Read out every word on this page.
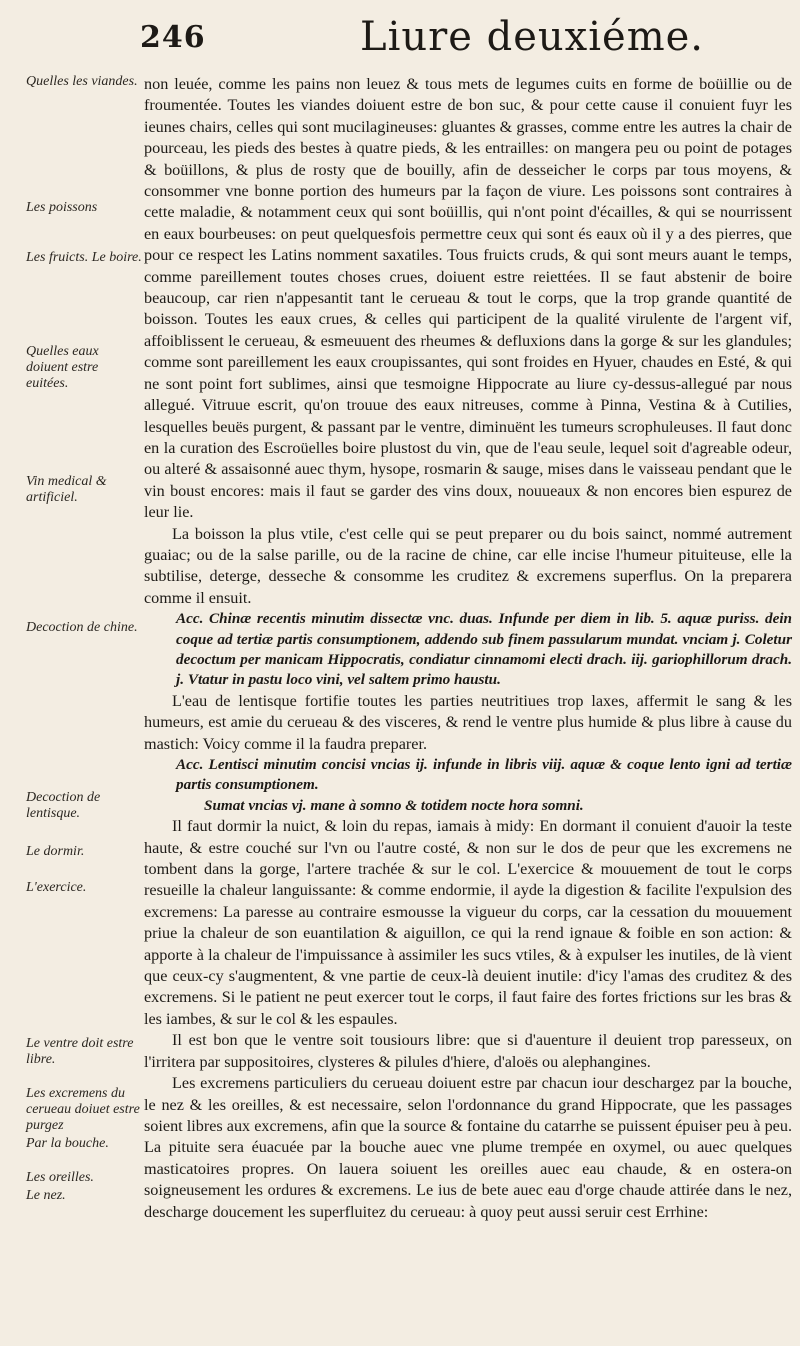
246	Liure deuxiéme.
Quelles les viandes.
Les poissons
Les fruicts. Le boire.
Quelles eaux doiuent estre euitées.
Vin medical & artificiel.
Decoction de chine.
Decoction de lentisque.
Le dormir.
L'exercice.
Le ventre doit estre libre.
Les excremens du cerueau doiuet estre purgez
Par la bouche.
Les oreilles.
Le nez.

non leuée, comme les pains non leuez & tous mets de legumes cuits en forme de boüillie ou de froumentée. Toutes les viandes doiuent estre de bon suc, & pour cette cause il conuient fuyr les ieunes chairs, celles qui sont mucilagineuses: gluantes & grasses, comme entre les autres la chair de pourceau, les pieds des bestes à quatre pieds, & les entrailles: on mangera peu ou point de potages & boüillons, & plus de rosty que de bouilly, afin de desseicher le corps par tous moyens, & consommer vne bonne portion des humeurs par la façon de viure. Les poissons sont contraires à cette maladie, & notamment ceux qui sont boüillis, qui n'ont point d'écailles, & qui se nourrissent en eaux bourbeuses: on peut quelquesfois permettre ceux qui sont és eaux où il y a des pierres, que pour ce respect les Latins nomment saxatiles. Tous fruicts cruds, & qui sont meurs auant le temps, comme pareillement toutes choses crues, doiuent estre reiettées. Il se faut abstenir de boire beaucoup, car rien n'appesantit tant le cerueau & tout le corps, que la trop grande quantité de boisson. Toutes les eaux crues, & celles qui participent de la qualité virulente de l'argent vif, affoiblissent le cerueau, & esmeuuent des rheumes & defluxions dans la gorge & sur les glandules; comme sont pareillement les eaux croupissantes, qui sont froides en Hyuer, chaudes en Esté, & qui ne sont point fort sublimes, ainsi que tesmoigne Hippocrate au liure cy-dessus-allegué par nous allegué. Vitruue escrit, qu'on trouue des eaux nitreuses, comme à Pinna, Vestina & à Cutilies, lesquelles beuës purgent, & passant par le ventre, diminuënt les tumeurs scrophuleuses. Il faut donc en la curation des Escroüelles boire plustost du vin, que de l'eau seule, lequel soit d'agreable odeur, ou alteré & assaisonné auec thym, hysope, rosmarin & sauge, mises dans le vaisseau pendant que le vin boust encores: mais il faut se garder des vins doux, nouueaux & non encores bien espurez de leur lie.

La boisson la plus vtile, c'est celle qui se peut preparer ou du bois sainct, nommé autrement guaiac; ou de la salse parille, ou de la racine de chine, car elle incise l'humeur pituiteuse, elle la subtilise, deterge, desseche & consomme les cruditez & excremens superflus. On la preparera comme il ensuit.

Acc. Chinæ recentis minutim dissectæ vnc. duas. Infunde per diem in lib. 5. aquæ puriss. dein coque ad tertiæ partis consumptionem, addendo sub finem passularum mundat. vnciam j. Coletur decoctum per manicam Hippocratis, condiatur cinnamomi electi drach. iij. gariophillorum drach. j. Vtatur in pastu loco vini, vel saltem primo haustu.

L'eau de lentisque fortifie toutes les parties neutritiues trop laxes, affermit le sang & les humeurs, est amie du cerueau & des visceres, & rend le ventre plus humide & plus libre à cause du mastich: Voicy comme il la faudra preparer.

Acc. Lentisci minutim concisi vncias ij. infunde in libris viij. aquæ & coque lento igni ad tertiæ partis consumptionem.

Sumat vncias vj. mane à somno & totidem nocte hora somni.

Il faut dormir la nuict, & loin du repas, iamais à midy: En dormant il conuient d'auoir la teste haute, & estre couché sur l'vn ou l'autre costé, & non sur le dos de peur que les excremens ne tombent dans la gorge, l'artere trachée & sur le col. L'exercice & mouuement de tout le corps resueille la chaleur languissante: & comme endormie, il ayde la digestion & facilite l'expulsion des excremens: La paresse au contraire esmousse la vigueur du corps, car la cessation du mouuement priue la chaleur de son euantilation & aiguillon, ce qui la rend ignaue & foible en son action: & apporte à la chaleur de l'impuissance à assimiler les sucs vtiles, & à expulser les inutiles, de là vient que ceux-cy s'augmentent, & vne partie de ceux-là deuient inutile: d'icy l'amas des cruditez & des excremens. Si le patient ne peut exercer tout le corps, il faut faire des fortes frictions sur les bras & les iambes, & sur le col & les espaules.

Il est bon que le ventre soit tousiours libre: que si d'auenture il deuient trop paresseux, on l'irritera par suppositoires, clysteres & pilules d'hiere, d'aloës ou alephangines.

Les excremens particuliers du cerueau doiuent estre par chacun iour deschargez par la bouche, le nez & les oreilles, & est necessaire, selon l'ordonnance du grand Hippocrate, que les passages soient libres aux excremens, afin que la source & fontaine du catarrhe se puissent épuiser peu à peu. La pituite sera éuacuée par la bouche auec vne plume trempée en oxymel, ou auec quelques masticatoires propres. On lauera soiuent les oreilles auec eau chaude, & en ostera-on soigneusement les ordures & excremens. Le ius de bete auec eau d'orge chaude attirée dans le nez, descharge doucement les superfluitez du cerueau: à quoy peut aussi seruir cest Errhine:
